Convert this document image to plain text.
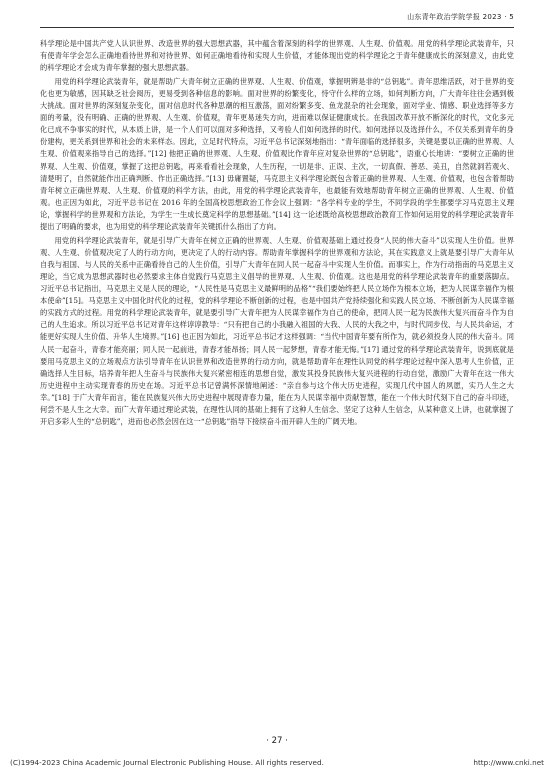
山东青年政治学院学报 2023 · 5

科学理论是中国共产党人认识世界、改造世界的强大思想武器，其中蕴含着深刻的科学的世界观、人生观、价值观。用党的科学理论武装青年，只有使青年学会怎么正确地看待世界和对待世界、如何正确地看待和实现人生价值，才能体现出党的科学理论之于青年健康成长的深刻意义，由此党的科学理论才会成为青年掌握的强大思想武器。

用党的科学理论武装青年，就是帮助广大青年树立正确的世界观、人生观、价值观，掌握明辨是非的“总钥匙”。青年思维活跃，对于世界的变化也更为敏感，因其缺乏社会阅历，更易受到各种信息的影响。面对世界的纷繁变化，恃守什么样的立场，如何判断方向，广大青年往往会遇到极大挑战。面对世界的深刻复杂变化，面对信息时代各种思潮的相互激荡，面对纷繁多变、鱼龙混杂的社会现象，面对学业、情感、职业选择等多方面的考量，没有明确、正确的世界观、人生观、价值观，青年更易迷失方向，进而难以保证健康成长。在我国改革开放不断深化的时代，文化多元化已成不争事实的时代，从本质上讲，是一个人们可以面对多种选择，又考验人们如何选择的时代。如何选择以及选择什么，不仅关系到青年的身份建构，更关系到世界和社会的未来样态。因此，立足时代特点，习近平总书记深刻地指出：“青年面临的选择很多，关键是要以正确的世界观、人生观、价值观来指导自己的选择。”[12] 他把正确的世界观、人生观、价值观比作青年应对复杂世界的“总钥匙”，语重心长地讲：“要树立正确的世界观、人生观、价值观，掌握了这把总钥匙，再来看看社会现象，人生历程，一切是非、正误、主次，一切真假、善恶、美丑，自然就洞若观火、清楚明了，自然就能作出正确判断、作出正确选择。”[13] 毋庸置疑，马克思主义科学理论既包含着正确的世界观、人生观、价值观，也包含着帮助青年树立正确世界观、人生观、价值观的科学方法，由此，用党的科学理论武装青年，也最能有效地帮助青年树立正确的世界观、人生观、价值观。也正因为如此，习近平总书记在 2016 年的全国高校思想政治工作会议上强调：“各学科专业的学生，不同学段的学生都要学习马克思主义理论，掌握科学的世界观和方法论，为学生一生成长奠定科学的思想基础。”[14] 这一论述既给高校思想政治教育工作如何运用党的科学理论武装青年提出了明确的要求，也为用党的科学理论武装青年关键抓什么指出了方向。

用党的科学理论武装青年，就是引导广大青年在树立正确的世界观、人生观、价值观基础上通过投身“人民的伟大奋斗”以实现人生价值。世界观、人生观、价值观决定了人的行动方向，更决定了人的行动内容。帮助青年掌握科学的世界观和方法论，其在实践意义上就是要引导广大青年从自我与祖国、与人民的关系中正确看待自己的人生价值，引导广大青年在同人民一起奋斗中实现人生价值。而事实上，作为行动指南的马克思主义理论，当它成为思想武器时也必然要求主体自觉践行马克思主义倡导的世界观、人生观、价值观。这也是用党的科学理论武装青年的重要落脚点。习近平总书记指出，马克思主义是人民的理论，“人民性是马克思主义最鲜明的品格”“我们要始终把人民立场作为根本立场，把为人民谋幸福作为根本使命”[15]。马克思主义中国化时代化的过程，党的科学理论不断创新的过程，也是中国共产党持续强化和实践人民立场、不断创新为人民谋幸福的实践方式的过程。用党的科学理论武装青年，就是要引导广大青年把为人民谋幸福作为自己的使命，把同人民一起为民族伟大复兴而奋斗作为自己的人生追求。所以习近平总书记对青年这样谆谆教导：“只有把自己的小我融入祖国的大我、人民的大我之中，与时代同步伐、与人民共命运，才能更好实现人生价值、升华人生境界。”[16] 也正因为如此，习近平总书记才这样强调：“当代中国青年要有所作为，就必须投身人民的伟大奋斗。同人民一起奋斗，青春才能亮丽；同人民一起前进，青春才能昂扬；同人民一起梦想，青春才能无悔。”[17] 通过党的科学理论武装青年，说到底就是要用马克思主义的立场观点方法引导青年在认识世界和改造世界的行动方向，就是帮助青年在理性认同党的科学理论过程中深入思考人生价值，正确选择人生目标，培养青年把人生奋斗与民族伟大复兴紧密相连的思想自觉，激发其投身民族伟大复兴进程的行动自觉，激励广大青年在这一伟大历史进程中主动实现青春的历史在场。习近平总书记曾满怀深情地阐述：“亲自参与这个伟大历史进程，实现几代中国人的夙愿，实乃人生之大幸。”[18] 于广大青年而言，能在民族复兴伟大历史进程中展现青春力量，能在为人民谋幸福中贡献智慧，能在一个伟大时代刻下自己的奋斗印迹，何尝不是人生之大幸。而广大青年通过理论武装，在理性认同的基础上拥有了这种人生信念、坚定了这种人生信念，从某种意义上讲，也就掌握了开启多彩人生的“总钥匙”，进而也必然会因在这一“总钥匙”指导下接续奋斗而开辟人生的广阔天地。

· 27 ·
(C)1994-2023 China Academic Journal Electronic Publishing House. All rights reserved.	http://www.cnki.net
